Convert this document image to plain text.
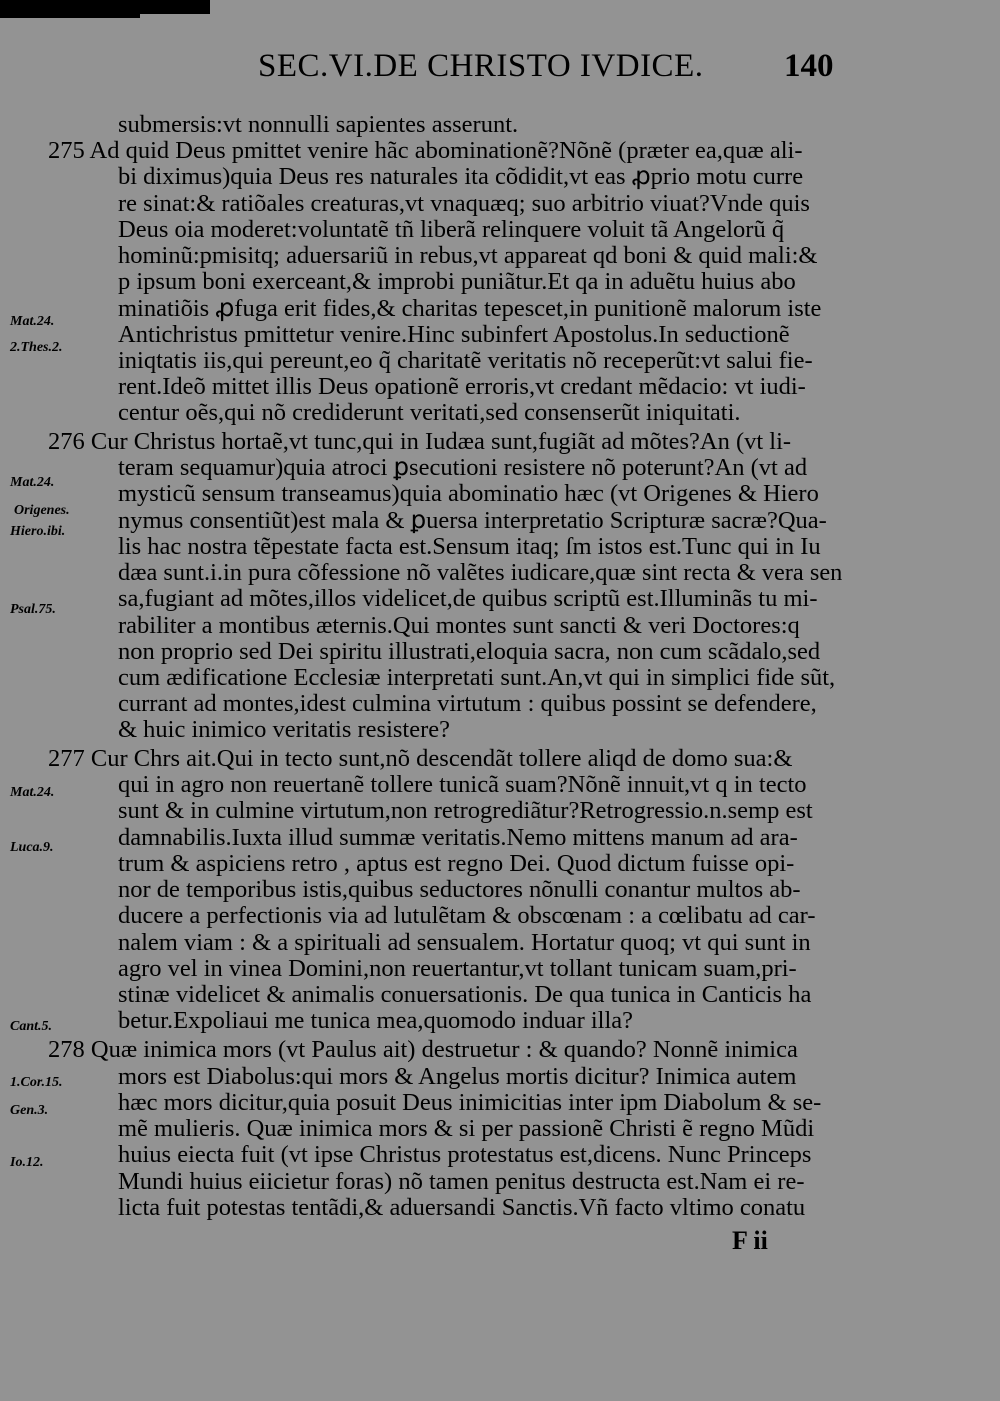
SEC.VI.DE CHRISTO IVDICE. 140
submersis:vt nonnulli sapientes asserunt.
275 Ad quid Deus pmittet venire hãc abominationẽ?Nõnẽ (præter ea,quæ ali-
bi diximus)quia Deus res naturales ita cõdidit,vt eas ꝓprio motu curre
re sinat:& ratiõales creaturas,vt vnaquæq; suo arbitrio viuat?Vnde quis
Deus oia moderet:voluntatẽ tñ liberã relinquere voluit tã Angelorũ q̃
hominũ:pmisitq; aduersariũ in rebus,vt appareat qd boni & quid mali:&
p ipsum boni exerceant,& improbi puniãtur.Et qa in aduẽtu huius abo
minatiõis ꝓfuga erit fides,& charitas tepescet,in punitionẽ malorum iste
Antichristus pmittetur venire.Hinc subinfert Apostolus.In seductionẽ
iniqtatis iis,qui pereunt,eo q̃ charitatẽ veritatis nõ receperũt:vt salui fie-
rent.Ideõ mittet illis Deus opationẽ erroris,vt credant mẽdacio: vt iudi-
centur oẽs,qui nõ crediderunt veritati,sed consenserũt iniquitati.
276 Cur Christus hortaẽ,vt tunc,qui in Iudæa sunt,fugiãt ad mõtes?An (vt li-
teram sequamur)quia atroci ꝑsecutioni resistere nõ poterunt?An (vt ad
mysticũ sensum transeamus)quia abominatio hæc (vt Origenes & Hiero
nymus consentiũt)est mala & ꝑuersa interpretatio Scripturæ sacræ?Qua-
lis hac nostra tẽpestate facta est.Sensum itaq; ſm istos est.Tunc qui in Iu
dæa sunt.i.in pura cõfessione nõ valẽtes iudicare,quæ sint recta & vera sen
sa,fugiant ad mõtes,illos videlicet,de quibus scriptũ est.Illuminãs tu mi-
rabiliter a montibus æternis.Qui montes sunt sancti & veri Doctores:q
non proprio sed Dei spiritu illustrati,eloquia sacra, non cum scãdalo,sed
cum ædificatione Ecclesiæ interpretati sunt.An,vt qui in simplici fide sũt,
currant ad montes,idest culmina virtutum : quibus possint se defendere,
& huic inimico veritatis resistere?
277 Cur Chrs ait.Qui in tecto sunt,nõ descendãt tollere aliqd de domo sua:&
qui in agro non reuertanẽ tollere tunicã suam?Nõnẽ innuit,vt q in tecto
sunt & in culmine virtutum,non retrogrediãtur?Retrogressio.n.semp est
damnabilis.Iuxta illud summæ veritatis.Nemo mittens manum ad ara-
trum & aspiciens retro , aptus est regno Dei. Quod dictum fuisse opi-
nor de temporibus istis,quibus seductores nõnulli conantur multos ab-
ducere a perfectionis via ad lutulẽtam & obscœnam : a cœlibatu ad car-
nalem viam : & a spirituali ad sensualem. Hortatur quoq; vt qui sunt in
agro vel in vinea Domini,non reuertantur,vt tollant tunicam suam,pri-
stinæ videlicet & animalis conuersationis. De qua tunica in Canticis ha
betur.Expoliaui me tunica mea,quomodo induar illa?
278 Quæ inimica mors (vt Paulus ait) destruetur : & quando? Nonnẽ inimica
mors est Diabolus:qui mors & Angelus mortis dicitur? Inimica autem
hæc mors dicitur,quia posuit Deus inimicitias inter ipm Diabolum & se-
mẽ mulieris. Quæ inimica mors & si per passionẽ Christi ẽ regno Mũdi
huius eiecta fuit (vt ipse Christus protestatus est,dicens. Nunc Princeps
Mundi huius eiicietur foras) nõ tamen penitus destructa est.Nam ei re-
licta fuit potestas tentãdi,& aduersandi Sanctis.Vñ facto vltimo conatu
Mat.24.
2.Thes.2.
Mat.24.
Origenes.
Hiero.ibi.
Psal.75.
Mat.24.
Luca.9.
Cant.5.
1.Cor.15.
Gen.3.
Io.12.
F ii
